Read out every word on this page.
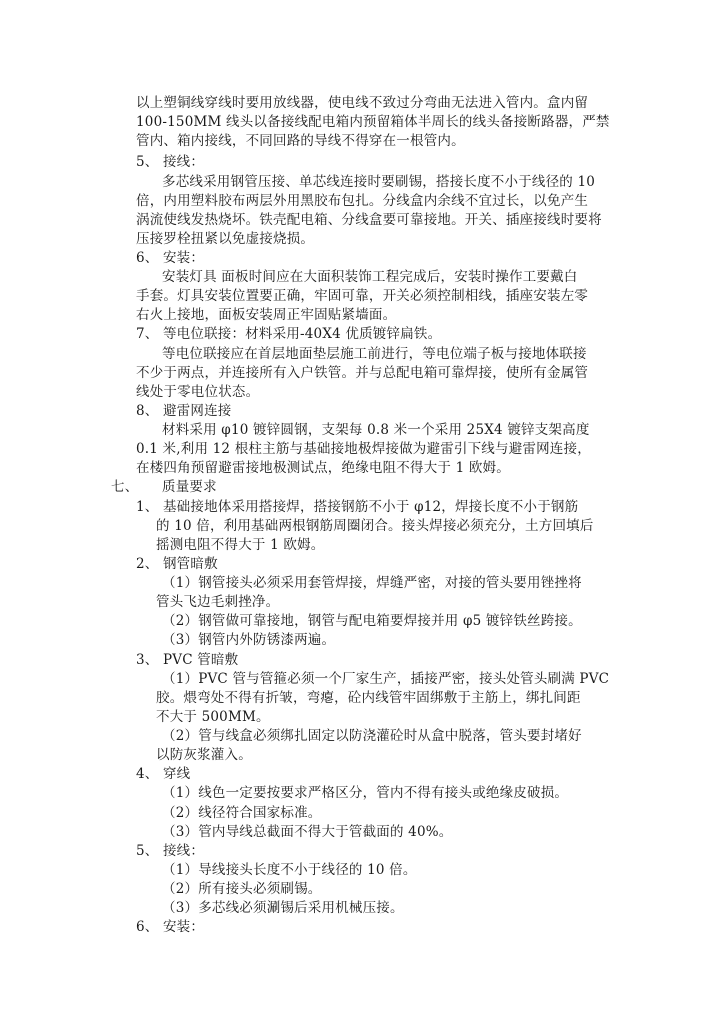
以上塑铜线穿线时要用放线器，使电线不致过分弯曲无法进入管内。盒内留
100-150MM 线头以备接线配电箱内预留箱体半周长的线头备接断路器，严禁
管内、箱内接线，不同回路的导线不得穿在一根管内。
5、 接线：
多芯线采用钢管压接、单芯线连接时要刷锡，搭接长度不小于线径的 10
倍，内用塑料胶布两层外用黑胶布包扎。分线盒内余线不宜过长，以免产生
涡流使线发热烧坏。铁壳配电箱、分线盒要可靠接地。开关、插座接线时要将
压接罗栓扭紧以免虚接烧损。
6、 安装：
安装灯具 面板时间应在大面积装饰工程完成后，安装时操作工要戴白
手套。灯具安装位置要正确，牢固可靠，开关必须控制相线，插座安装左零
右火上接地，面板安装周正牢固贴紧墙面。
7、 等电位联接：材料采用-40X4 优质镀锌扁铁。
等电位联接应在首层地面垫层施工前进行，等电位端子板与接地体联接
不少于两点，并连接所有入户铁管。并与总配电箱可靠焊接，使所有金属管
线处于零电位状态。
8、 避雷网连接
材料采用 φ10 镀锌圆钢，支架每 0.8 米一个采用 25X4 镀锌支架高度
0.1 米,利用 12 根柱主筋与基础接地极焊接做为避雷引下线与避雷网连接，
在楼四角预留避雷接地极测试点，绝缘电阻不得大于 1 欧姆。
七、 质量要求
1、 基础接地体采用搭接焊，搭接钢筋不小于 φ12，焊接长度不小于钢筋
的 10 倍，利用基础两根钢筋周圈闭合。接头焊接必须充分，土方回填后
摇测电阻不得大于 1 欧姆。
2、 钢管暗敷
（1）钢管接头必须采用套管焊接，焊缝严密，对接的管头要用锉挫将
管头飞边毛刺挫净。
（2）钢管做可靠接地，钢管与配电箱要焊接并用 φ5 镀锌铁丝跨接。
（3）钢管内外防锈漆两遍。
3、 PVC 管暗敷
（1）PVC 管与管箍必须一个厂家生产，插接严密，接头处管头刷满 PVC
胶。煨弯处不得有折皱，弯瘪，砼内线管牢固绑敷于主筋上，绑扎间距
不大于 500MM。
（2）管与线盒必须绑扎固定以防浇灌砼时从盒中脱落，管头要封堵好
以防灰浆灌入。
4、 穿线
（1）线色一定要按要求严格区分，管内不得有接头或绝缘皮破损。
（2）线径符合国家标准。
（3）管内导线总截面不得大于管截面的 40%。
5、 接线：
（1）导线接头长度不小于线径的 10 倍。
（2）所有接头必须刷锡。
（3）多芯线必须涮锡后采用机械压接。
6、 安装：
